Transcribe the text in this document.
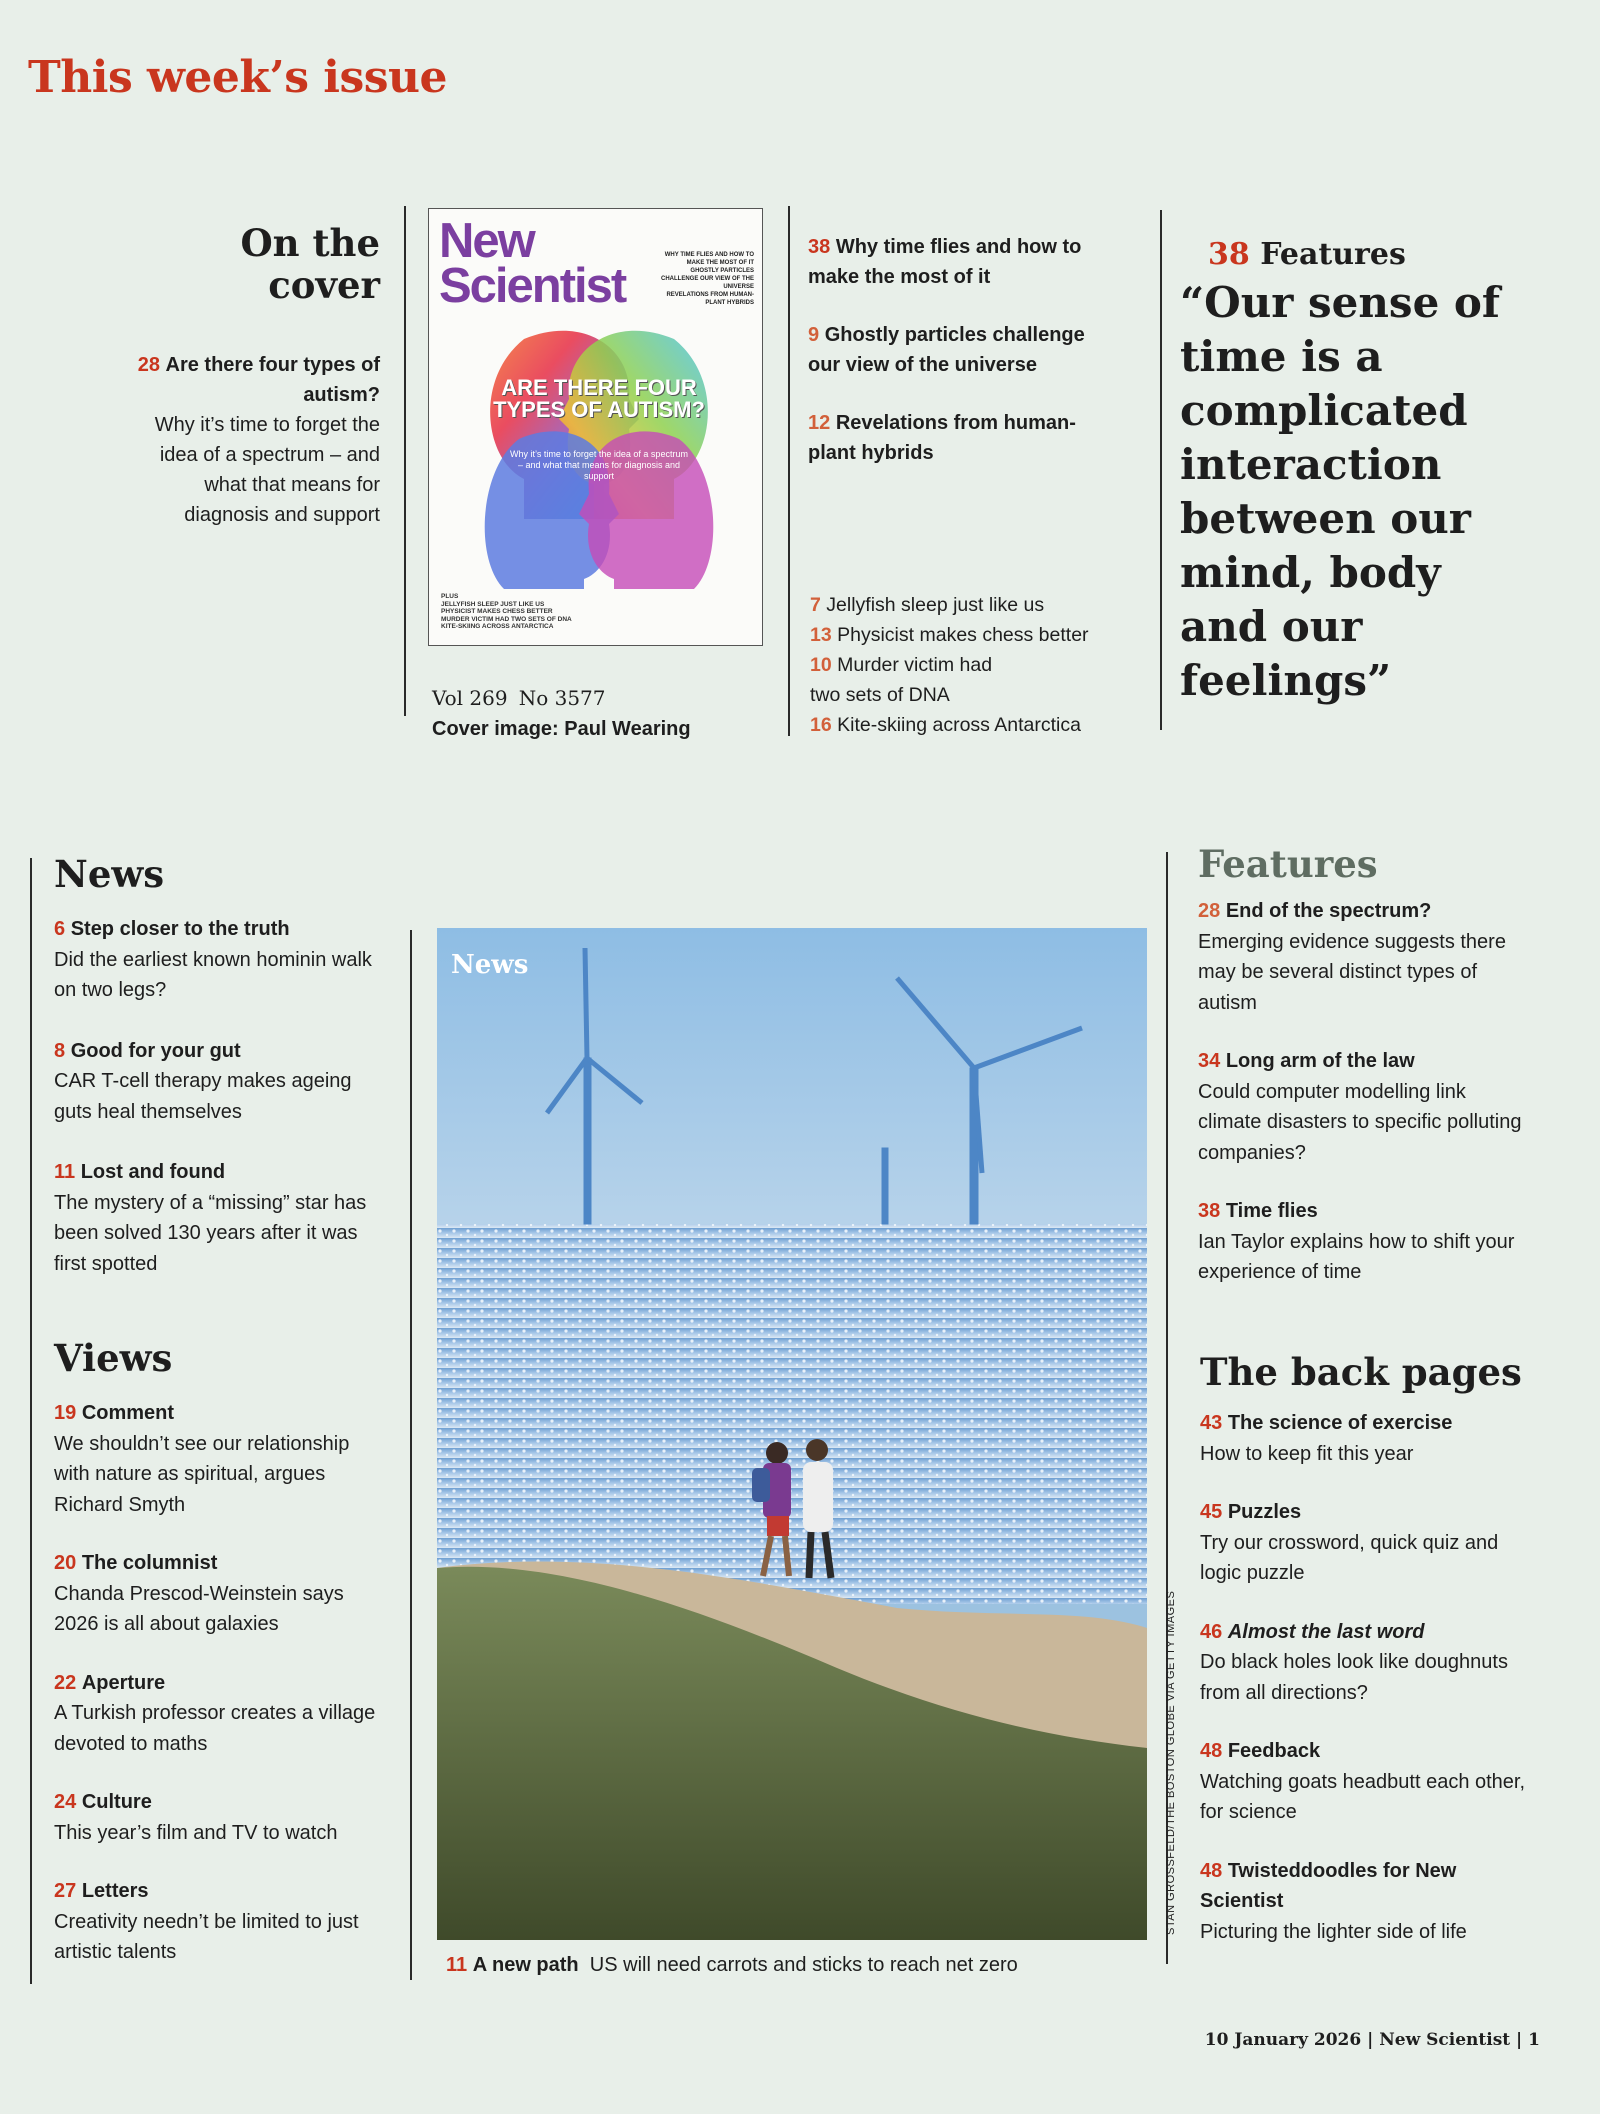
This week’s issue
On the cover
28 Are there four types of autism?
Why it’s time to forget the idea of a spectrum – and what that means for diagnosis and support
New
Scientist
WHY TIME FLIES AND HOW TO MAKE THE MOST OF IT
GHOSTLY PARTICLES CHALLENGE OUR VIEW OF THE UNIVERSE
REVELATIONS FROM HUMAN-PLANT HYBRIDS
ARE THERE FOUR TYPES OF AUTISM?
Why it’s time to forget the idea of a spectrum – and what that means for diagnosis and support
PLUS
JELLYFISH SLEEP JUST LIKE US
PHYSICIST MAKES CHESS BETTER
MURDER VICTIM HAD TWO SETS OF DNA
KITE-SKIING ACROSS ANTARCTICA
Vol 269 No 3577
Cover image: Paul Wearing
38 Why time flies and how to make the most of it
9 Ghostly particles challenge our view of the universe
12 Revelations from human-plant hybrids
7 Jellyfish sleep just like us
13 Physicist makes chess better
10 Murder victim had two sets of DNA
16 Kite-skiing across Antarctica
38 Features
“Our sense of time is a complicated interaction between our mind, body and our feelings”
News
6 Step closer to the truth
Did the earliest known hominin walk on two legs?
8 Good for your gut
CAR T-cell therapy makes ageing guts heal themselves
11 Lost and found
The mystery of a “missing” star has been solved 130 years after it was first spotted
Views
19 Comment
We shouldn’t see our relationship with nature as spiritual, argues Richard Smyth
20 The columnist
Chanda Prescod-Weinstein says 2026 is all about galaxies
22 Aperture
A Turkish professor creates a village devoted to maths
24 Culture
This year’s film and TV to watch
27 Letters
Creativity needn’t be limited to just artistic talents
News
STAN GROSSFELD/THE BOSTON GLOBE VIA GETTY IMAGES
11 A new path US will need carrots and sticks to reach net zero
Features
28 End of the spectrum?
Emerging evidence suggests there may be several distinct types of autism
34 Long arm of the law
Could computer modelling link climate disasters to specific polluting companies?
38 Time flies
Ian Taylor explains how to shift your experience of time
The back pages
43 The science of exercise
How to keep fit this year
45 Puzzles
Try our crossword, quick quiz and logic puzzle
46 Almost the last word
Do black holes look like doughnuts from all directions?
48 Feedback
Watching goats headbutt each other, for science
48 Twisteddoodles for New Scientist
Picturing the lighter side of life
10 January 2026 | New Scientist | 1
